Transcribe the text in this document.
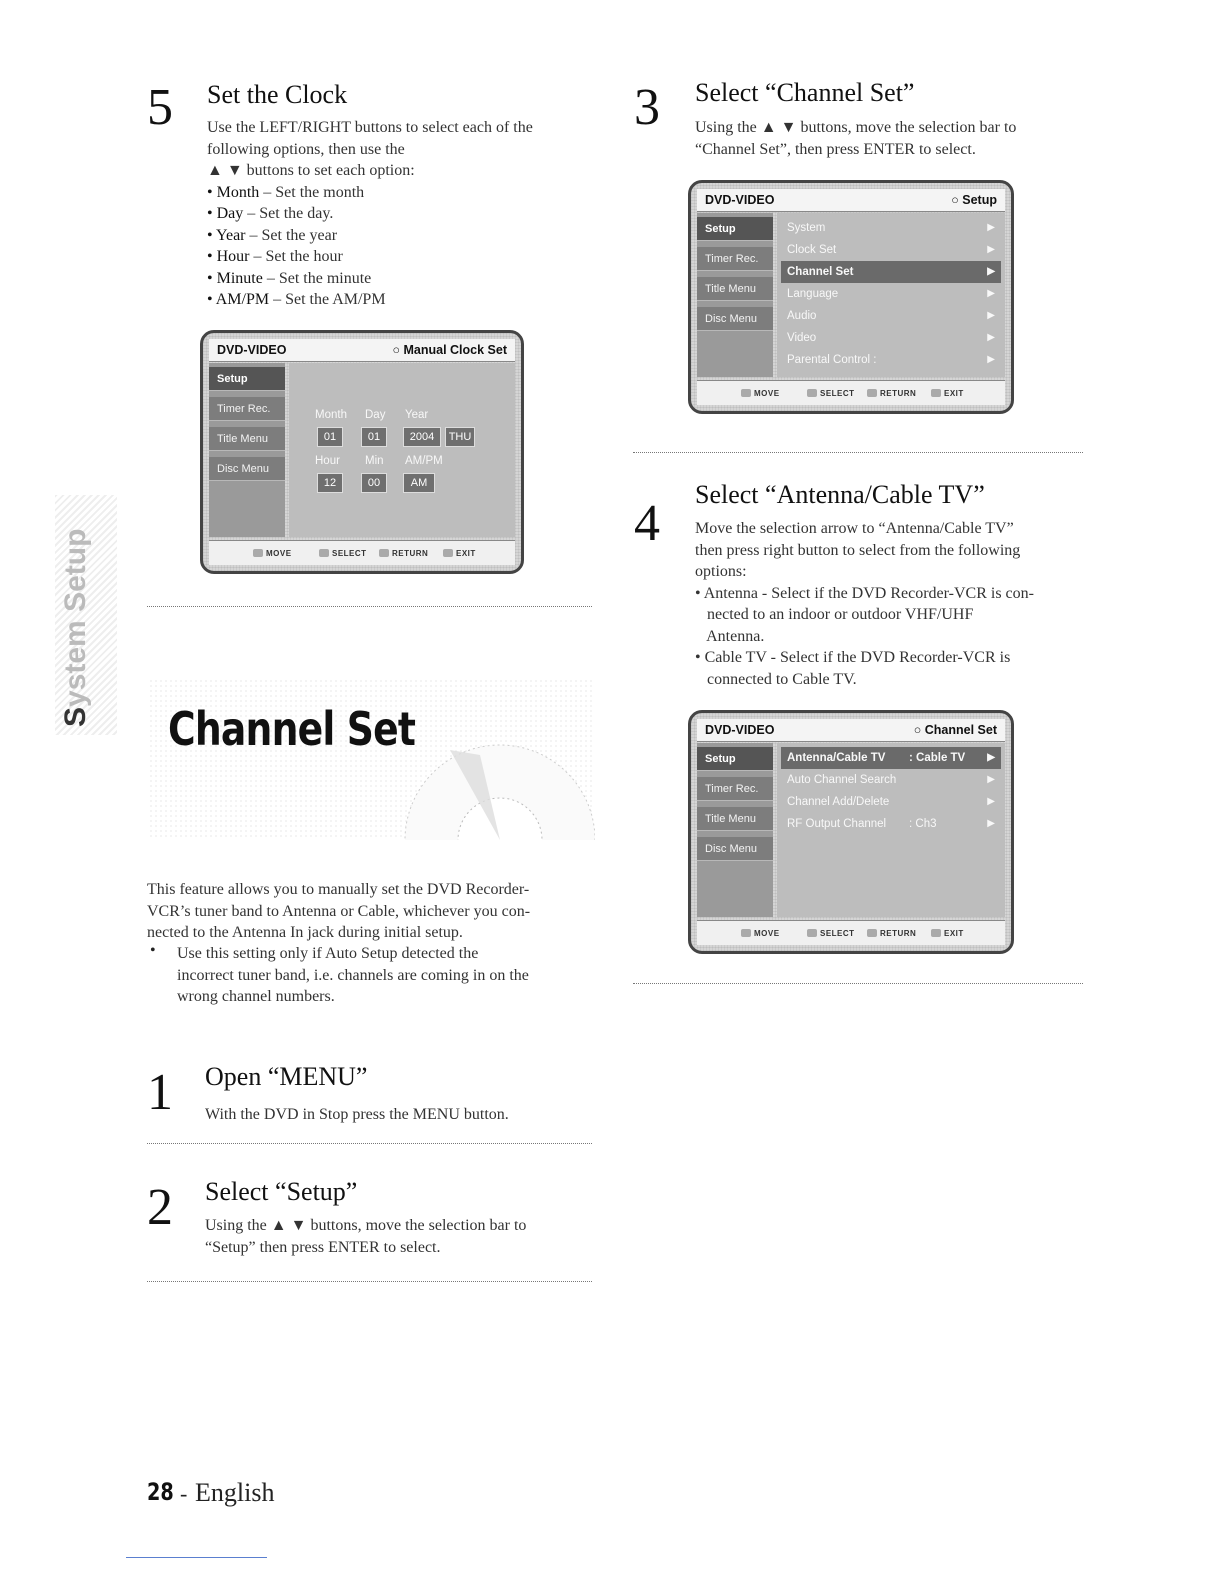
5 Set the Clock

Use the LEFT/RIGHT buttons to select each of the

following options, then use the

▲ ▼ buttons to set each option:

• Month – Set the month

• Day – Set the day.

• Year – Set the year

• Hour – Set the hour

• Minute – Set the minute

• AM/PM – Set the AM/PM

DVD-VIDEO	○ Manual Clock Set
Setup
Timer Rec.
Title Menu
Disc Menu
Month Day Year
01	01	2004	THU
Hour Min AM/PM
12	00	AM
MOVE	SELECT	RETURN	EXIT
System Setup
Channel Set

This feature allows you to manually set the DVD Recorder-

VCR’s tuner band to Antenna or Cable, whichever you con-

nected to the Antenna In jack during initial setup.

• Use this setting only if Auto Setup detected the

incorrect tuner band, i.e. channels are coming in on the

wrong channel numbers.

1 Open “MENU”
With the DVD in Stop press the MENU button.
2 Select “Setup”

Using the ▲ ▼ buttons, move the selection bar to

“Setup” then press ENTER to select.

3 Select “Channel Set”

Using the ▲ ▼ buttons, move the selection bar to

“Channel Set”, then press ENTER to select.

DVD-VIDEO	○ Setup
Setup
Timer Rec.
Title Menu
Disc Menu
System	▶
Clock Set	▶
Channel Set	▶
Language	▶
Audio	▶
Video	▶
Parental Control :	▶
MOVE	SELECT	RETURN	EXIT
4
Select “Antenna/Cable TV”

Move the selection arrow to “Antenna/Cable TV”

then press right button to select from the following

options:

• Antenna - Select if the DVD Recorder-VCR is con-

nected to an indoor or outdoor VHF/UHF

Antenna.

• Cable TV - Select if the DVD Recorder-VCR is

connected to Cable TV.

DVD-VIDEO	○ Channel Set
Setup
Timer Rec.
Title Menu
Disc Menu
Antenna/Cable TV : Cable TV ▶
Auto Channel Search	▶
Channel Add/Delete	▶
RF Output Channel : Ch3	▶
MOVE	SELECT	RETURN	EXIT
28 - English
